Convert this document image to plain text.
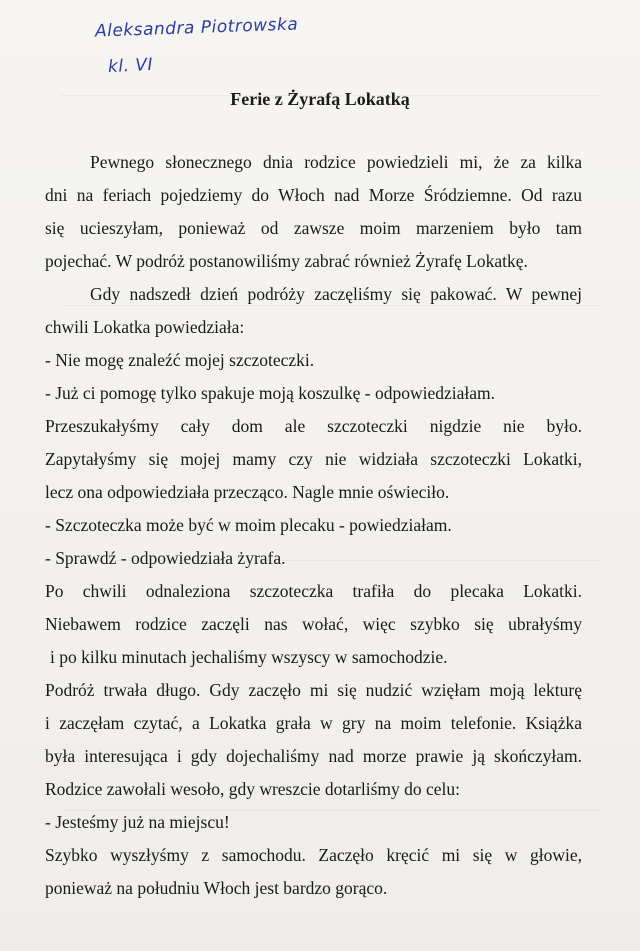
Aleksandra Piotrowska
kl. VI
Ferie z Żyrafą Lokatką
Pewnego słonecznego dnia rodzice powiedzieli mi, że za kilka
dni na feriach pojedziemy do Włoch nad Morze Śródziemne. Od razu
się ucieszyłam, ponieważ od zawsze moim marzeniem było tam
pojechać. W podróż postanowiliśmy zabrać również Żyrafę Lokatkę.
Gdy nadszedł dzień podróży zaczęliśmy się pakować. W pewnej
chwili Lokatka powiedziała:
- Nie mogę znaleźć mojej szczoteczki.
- Już ci pomogę tylko spakuje moją koszulkę - odpowiedziałam.
Przeszukałyśmy cały dom ale szczoteczki nigdzie nie było.
Zapytałyśmy się mojej mamy czy nie widziała szczoteczki Lokatki,
lecz ona odpowiedziała przecząco. Nagle mnie oświeciło.
- Szczoteczka może być w moim plecaku - powiedziałam.
- Sprawdź - odpowiedziała żyrafa.
Po chwili odnaleziona szczoteczka trafiła do plecaka Lokatki.
Niebawem rodzice zaczęli nas wołać, więc szybko się ubrałyśmy
i po kilku minutach jechaliśmy wszyscy w samochodzie.
Podróż trwała długo. Gdy zaczęło mi się nudzić wzięłam moją lekturę
i zaczęłam czytać, a Lokatka grała w gry na moim telefonie. Książka
była interesująca i gdy dojechaliśmy nad morze prawie ją skończyłam.
Rodzice zawołali wesoło, gdy wreszcie dotarliśmy do celu:
- Jesteśmy już na miejscu!
Szybko wyszłyśmy z samochodu. Zaczęło kręcić mi się w głowie,
ponieważ na południu Włoch jest bardzo gorąco.
